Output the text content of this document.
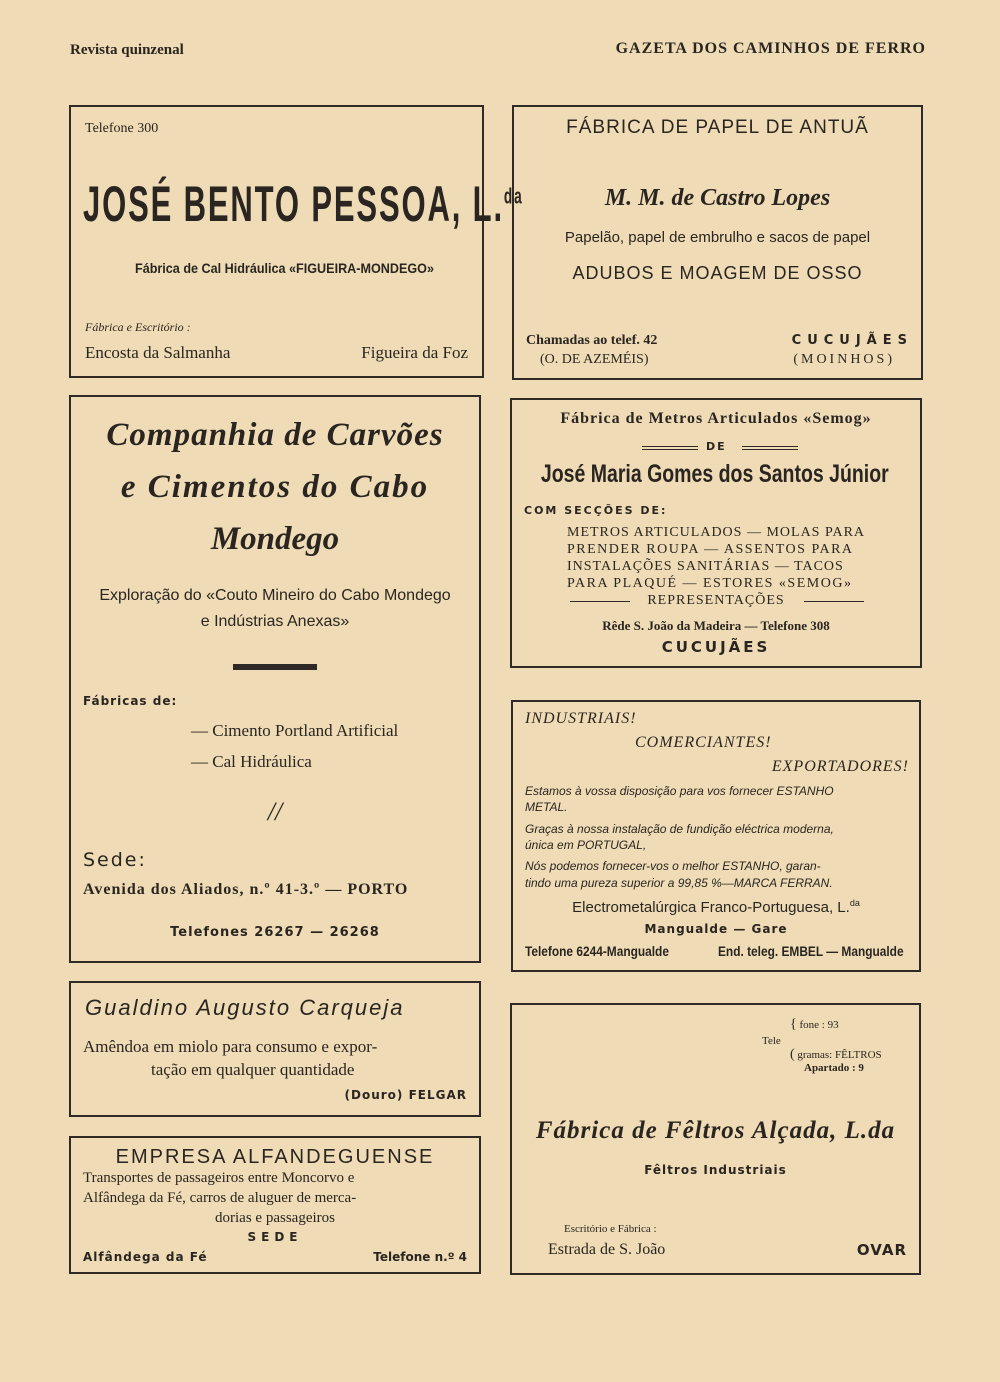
Revista quinzenal	GAZETA DOS CAMINHOS DE FERRO
Telefone 300
JOSÉ BENTO PESSOA, L.$^{da}$
Fábrica de Cal Hidráulica «FIGUEIRA-MONDEGO»
Fábrica e Escritório :
Encosta da Salmanha	Figueira da Foz
FÁBRICA DE PAPEL DE ANTUÃ
M. M. de Castro Lopes
Papelão, papel de embrulho e sacos de papel
ADUBOS E MOAGEM DE OSSO
Chamadas ao telef. 42
(O. DE AZEMÉIS)
CUCUJÃES
(MOINHOS)
Companhia de Carvões
e Cimentos do Cabo
Mondego
Exploração do «Couto Mineiro do Cabo Mondego
e Indústrias Anexas»
Fábricas de:
— Cimento Portland Artificial
— Cal Hidráulica
//
Sede:
Avenida dos Aliados, n.º 41-3.º — PORTO
Telefones 26267 — 26268
Fábrica de Metros Articulados «Semog»
DE
José Maria Gomes dos Santos Júnior
COM SECÇÕES DE:
METROS ARTICULADOS — MOLAS PARA
PRENDER ROUPA — ASSENTOS PARA
INSTALAÇÕES SANITÁRIAS — TACOS
PARA PLAQUÉ — ESTORES «SEMOG»
REPRESENTAÇÕES
Rêde S. João da Madeira — Telefone 308
CUCUJÃES
INDUSTRIAIS!
COMERCIANTES!
EXPORTADORES!
Estamos à vossa disposição para vos fornecer ESTANHO
METAL.
Graças à nossa instalação de fundição eléctrica moderna,
única em PORTUGAL,
Nós podemos fornecer-vos o melhor ESTANHO, garan-
tindo uma pureza superior a 99,85 %—MARCA FERRAN.
Electrometalúrgica Franco-Portuguesa, L.$^{da}$
Mangualde — Gare
Telefone 6244-Mangualde	End. teleg. EMBEL — Mangualde
Gualdino Augusto Carqueja
Amêndoa em miolo para consumo e expor-
tação em qualquer quantidade
(Douro) FELGAR
EMPRESA ALFANDEGUENSE
Transportes de passageiros entre Moncorvo e
Alfândega da Fé, carros de aluguer de merca-
dorias e passageiros
SEDE
Alfândega da Fé	Telefone n.º 4
Tele
{ fone : 93
( gramas: FÊLTROS
Apartado : 9
Fábrica de Fêltros Alçada, L.da
Fêltros Industriais
Escritório e Fábrica :
Estrada de S. João	OVAR
